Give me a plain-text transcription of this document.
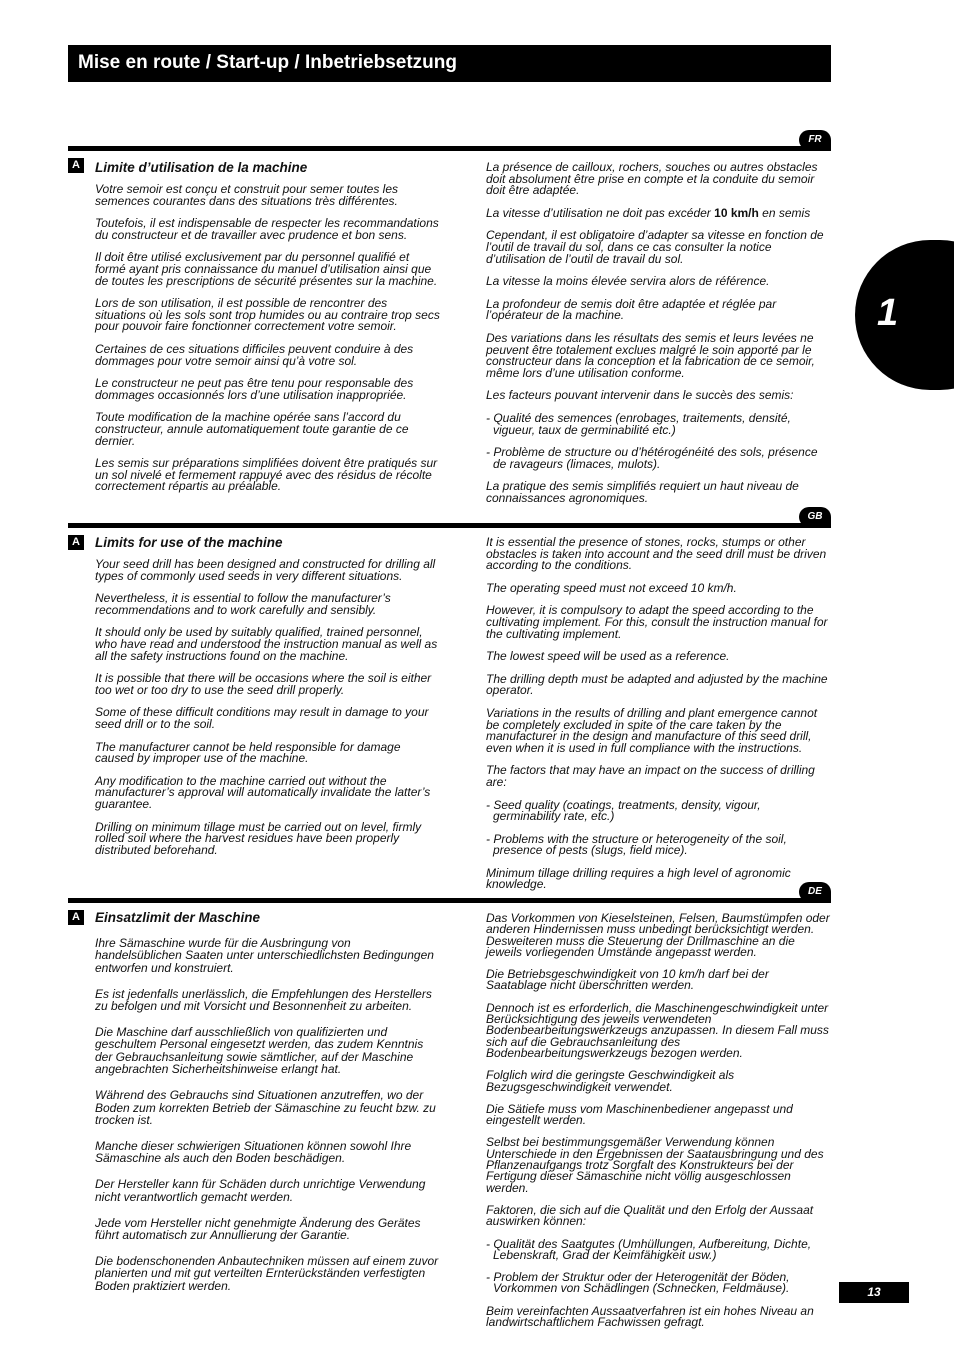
Mise en route / Start-up / Inbetriebsetzung
1
FR
A Limite d’utilisation de la machine

Votre semoir est conçu et construit pour semer toutes les semences courantes dans des situations très différentes.

Toutefois, il est indispensable de respecter les recommandations du constructeur et de travailler avec prudence et bon sens.

Il doit être utilisé exclusivement par du personnel qualifié et formé ayant pris connaissance du manuel d’utilisation ainsi que de toutes les prescriptions de sécurité présentes sur la machine.

Lors de son utilisation, il est possible de rencontrer des situations où les sols sont trop humides ou au contraire trop secs pour pouvoir faire fonctionner correctement votre semoir.

Certaines de ces situations difficiles peuvent conduire à des dommages pour votre semoir ainsi qu’à votre sol.

Le constructeur ne peut pas être tenu pour responsable des dommages occasionnés lors d’une utilisation inappropriée.

Toute modification de la machine opérée sans l’accord du constructeur, annule automatiquement toute garantie de ce dernier.

Les semis sur préparations simplifiées doivent être pratiqués sur un sol nivelé et fermement rappuyé avec des résidus de récolte correctement répartis au préalable.

La présence de cailloux, rochers, souches ou autres obstacles doit absolument être prise en compte et la conduite du semoir doit être adaptée.

La vitesse d’utilisation ne doit pas excéder 10 km/h en semis

Cependant, il est obligatoire d’adapter sa vitesse en fonction de l’outil de travail du sol, dans ce cas consulter la notice d’utilisation de l’outil de travail du sol.

La vitesse la moins élevée servira alors de référence.

La profondeur de semis doit être adaptée et réglée par l’opérateur de la machine.

Des variations dans les résultats des semis et leurs levées ne peuvent être totalement exclues malgré le soin apporté par le constructeur dans la conception et la fabrication de ce semoir, même lors d’une utilisation conforme.

Les facteurs pouvant intervenir dans le succès des semis:

- Qualité des semences (enrobages, traitements, densité, vigueur, taux de germinabilité etc.)

- Problème de structure ou d’hétérogénéité des sols, présence de ravageurs (limaces, mulots).

La pratique des semis simplifiés requiert un haut niveau de connaissances agronomiques.

GB
A Limits for use of the machine

Your seed drill has been designed and constructed for drilling all types of commonly used seeds in very different situations.

Nevertheless, it is essential to follow the manufacturer’s recommendations and to work carefully and sensibly.

It should only be used by suitably qualified, trained personnel, who have read and understood the instruction manual as well as all the safety instructions found on the machine.

It is possible that there will be occasions where the soil is either too wet or too dry to use the seed drill properly.

Some of these difficult conditions may result in damage to your seed drill or to the soil.

The manufacturer cannot be held responsible for damage caused by improper use of the machine.

Any modification to the machine carried out without the manufacturer’s approval will automatically invalidate the latter’s guarantee.

Drilling on minimum tillage must be carried out on level, firmly rolled soil where the harvest residues have been properly distributed beforehand.

It is essential the presence of stones, rocks, stumps or other obstacles is taken into account and the seed drill must be driven according to the conditions.

The operating speed must not exceed 10 km/h.

However, it is compulsory to adapt the speed according to the cultivating implement. For this, consult the instruction manual for the cultivating implement.

The lowest speed will be used as a reference.

The drilling depth must be adapted and adjusted by the machine operator.

Variations in the results of drilling and plant emergence cannot be completely excluded in spite of the care taken by the manufacturer in the design and manufacture of this seed drill, even when it is used in full compliance with the instructions.

The factors that may have an impact on the success of drilling are:

- Seed quality (coatings, treatments, density, vigour, germinability rate, etc.)

- Problems with the structure or heterogeneity of the soil, presence of pests (slugs, field mice).

Minimum tillage drilling requires a high level of agronomic knowledge.

DE
A Einsatzlimit der Maschine

Ihre Sämaschine wurde für die Ausbringung von handelsüblichen Saaten unter unterschiedlichsten Bedingungen entworfen und konstruiert.

Es ist jedenfalls unerlässlich, die Empfehlungen des Herstellers zu befolgen und mit Vorsicht und Besonnenheit zu arbeiten.

Die Maschine darf ausschließlich von qualifizierten und geschultem Personal eingesetzt werden, das zudem Kenntnis der Gebrauchsanleitung sowie sämtlicher, auf der Maschine angebrachten Sicherheitshinweise erlangt hat.

Während des Gebrauchs sind Situationen anzutreffen, wo der Boden zum korrekten Betrieb der Sämaschine zu feucht bzw. zu trocken ist.

Manche dieser schwierigen Situationen können sowohl Ihre Sämaschine als auch den Boden beschädigen.

Der Hersteller kann für Schäden durch unrichtige Verwendung nicht verantwortlich gemacht werden.

Jede vom Hersteller nicht genehmigte Änderung des Gerätes führt automatisch zur Annullierung der Garantie.

Die bodenschonenden Anbautechniken müssen auf einem zuvor planierten und mit gut verteilten Ernterückständen verfestigten Boden praktiziert werden.

Das Vorkommen von Kieselsteinen, Felsen, Baumstümpfen oder anderen Hindernissen muss unbedingt berücksichtigt werden. Desweiteren muss die Steuerung der Drillmaschine an die jeweils vorliegenden Umstände angepasst werden.

Die Betriebsgeschwindigkeit von 10 km/h darf bei der Saatablage nicht überschritten werden.

Dennoch ist es erforderlich, die Maschinengeschwindigkeit unter Berücksichtigung des jeweils verwendeten Bodenbearbeitungswerkzeugs anzupassen. In diesem Fall muss sich auf die Gebrauchsanleitung des Bodenbearbeitungswerkzeugs bezogen werden.

Folglich wird die geringste Geschwindigkeit als Bezugsgeschwindigkeit verwendet.

Die Sätiefe muss vom Maschinenbediener angepasst und eingestellt werden.

Selbst bei bestimmungsgemäßer Verwendung können Unterschiede in den Ergebnissen der Saatausbringung und des Pflanzenaufgangs trotz Sorgfalt des Konstrukteurs bei der Fertigung dieser Sämaschine nicht völlig ausgeschlossen werden.

Faktoren, die sich auf die Qualität und den Erfolg der Aussaat auswirken können:

- Qualität des Saatgutes (Umhüllungen, Aufbereitung, Dichte, Lebenskraft, Grad der Keimfähigkeit usw.)

- Problem der Struktur oder der Heterogenität der Böden, Vorkommen von Schädlingen (Schnecken, Feldmäuse).

Beim vereinfachten Aussaatverfahren ist ein hohes Niveau an landwirtschaftlichem Fachwissen gefragt.

13
